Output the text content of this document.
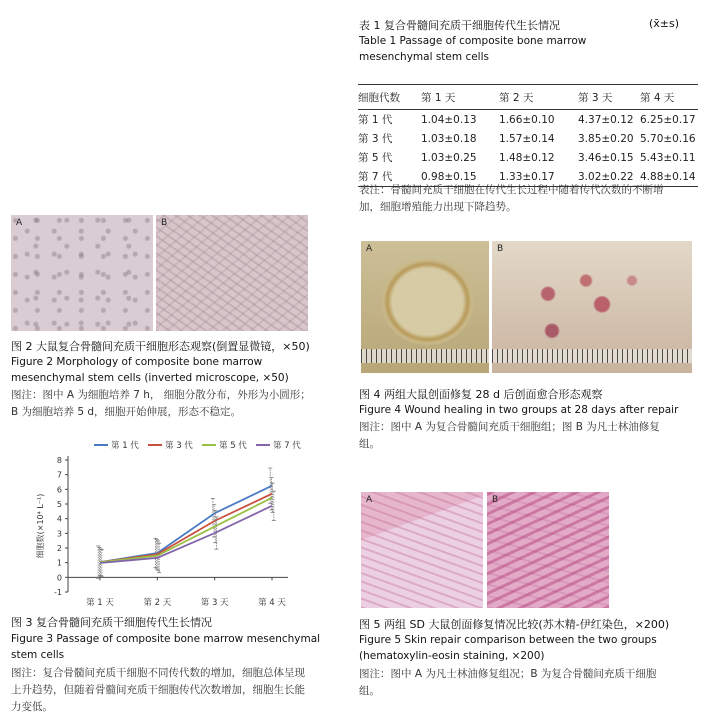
表 1 复合骨髓间充质干细胞传代生长情况	(x̄±s)
Table 1 Passage of composite bone marrow
mesenchymal stem cells
细胞代数	第 1 天	第 2 天	第 3 天	第 4 天
第 1 代	1.04±0.13	1.66±0.10	4.37±0.12	6.25±0.17
第 3 代	1.03±0.18	1.57±0.14	3.85±0.20	5.70±0.16
第 5 代	1.03±0.25	1.48±0.12	3.46±0.15	5.43±0.11
第 7 代	0.98±0.15	1.33±0.17	3.02±0.22	4.88±0.14
表注：骨髓间充质干细胞在传代生长过程中随着传代次数的不断增
加，细胞增殖能力出现下降趋势。
A	B
图 2 大鼠复合骨髓间充质干细胞形态观察(倒置显微镜，×50)
Figure 2 Morphology of composite bone marrow
mesenchymal stem cells (inverted microscope, ×50)
图注：图中 A 为细胞培养 7 h， 细胞分散分布，外形为小圆形；
B 为细胞培养 5 d，细胞开始伸展，形态不稳定。
第 1 代	第 3 代	第 5 代	第 7 代
-1
0
1
2
3
4
5
6
7
8
第 1 天	第 2 天	第 3 天	第 4 天
细胞数(×10⁴ L⁻¹)
图 3 复合骨髓间充质干细胞传代生长情况
Figure 3 Passage of composite bone marrow mesenchymal
stem cells
图注：复合骨髓间充质干细胞不同传代数的增加，细胞总体呈现
上升趋势，但随着骨髓间充质干细胞传代次数增加，细胞生长能
力变低。
A	B
图 4 两组大鼠创面修复 28 d 后创面愈合形态观察
Figure 4 Wound healing in two groups at 28 days after repair
图注：图中 A 为复合骨髓间充质干细胞组；图 B 为凡士林油修复
组。
A	B
图 5 两组 SD 大鼠创面修复情况比较(苏木精-伊红染色，×200)
Figure 5 Skin repair comparison between the two groups
(hematoxylin-eosin staining, ×200)
图注：图中 A 为凡士林油修复组况；B 为复合骨髓间充质干细胞
组。
